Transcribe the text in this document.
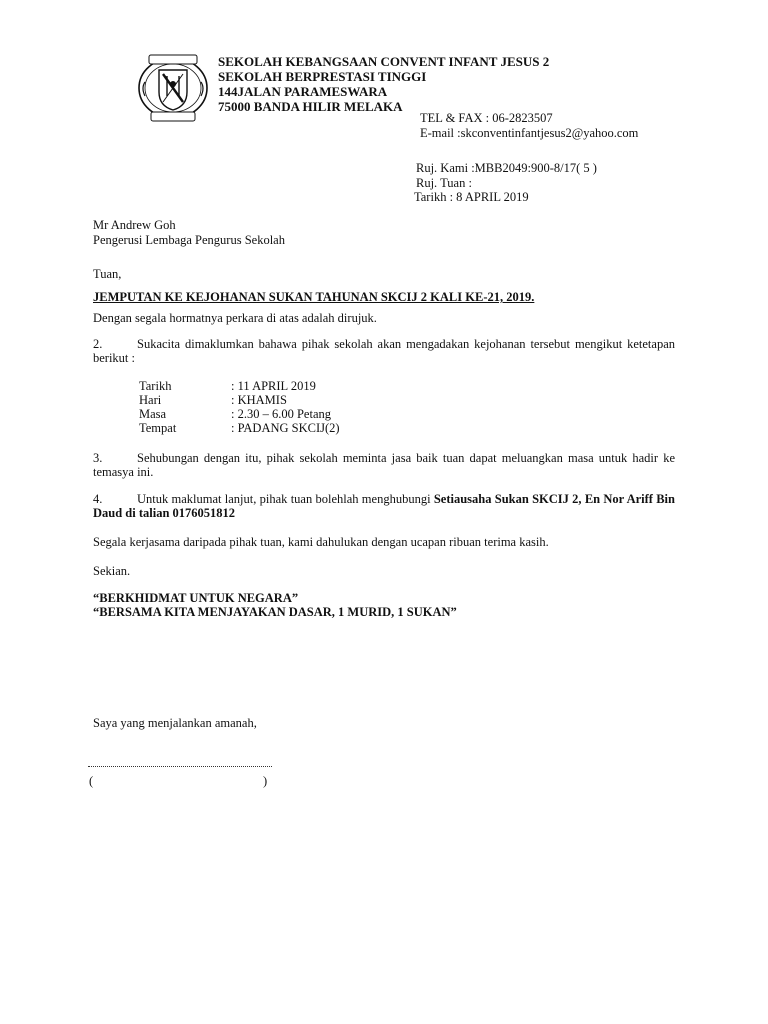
SEKOLAH KEBANGSAAN CONVENT INFANT JESUS 2
SEKOLAH BERPRESTASI TINGGI
144JALAN PARAMESWARA
75000 BANDA HILIR MELAKA
TEL & FAX : 06-2823507
E-mail :skconventinfantjesus2@yahoo.com
Ruj. Kami :MBB2049:900-8/17( 5 )
Ruj. Tuan :
Tarikh : 8 APRIL 2019
Mr Andrew Goh
Pengerusi Lembaga Pengurus Sekolah
Tuan,
JEMPUTAN KE KEJOHANAN SUKAN TAHUNAN SKCIJ 2 KALI KE-21, 2019.
Dengan segala hormatnya perkara di atas adalah dirujuk.
2.	Sukacita dimaklumkan bahawa pihak sekolah akan mengadakan kejohanan tersebut mengikut ketetapan berikut :
Tarikh	: 11 APRIL 2019
Hari	: KHAMIS
Masa	: 2.30 – 6.00 Petang
Tempat	: PADANG SKCIJ(2)
3.	Sehubungan dengan itu, pihak sekolah meminta jasa baik tuan dapat meluangkan masa untuk hadir ke temasya ini.
4.	Untuk maklumat lanjut, pihak tuan bolehlah menghubungi Setiausaha Sukan SKCIJ 2, En Nor Ariff Bin Daud di talian 0176051812
Segala kerjasama daripada pihak tuan, kami dahulukan dengan ucapan ribuan terima kasih.
Sekian.
“BERKHIDMAT UNTUK NEGARA”
“BERSAMA KITA MENJAYAKAN DASAR, 1 MURID, 1 SUKAN”
Saya yang menjalankan amanah,
(	)
